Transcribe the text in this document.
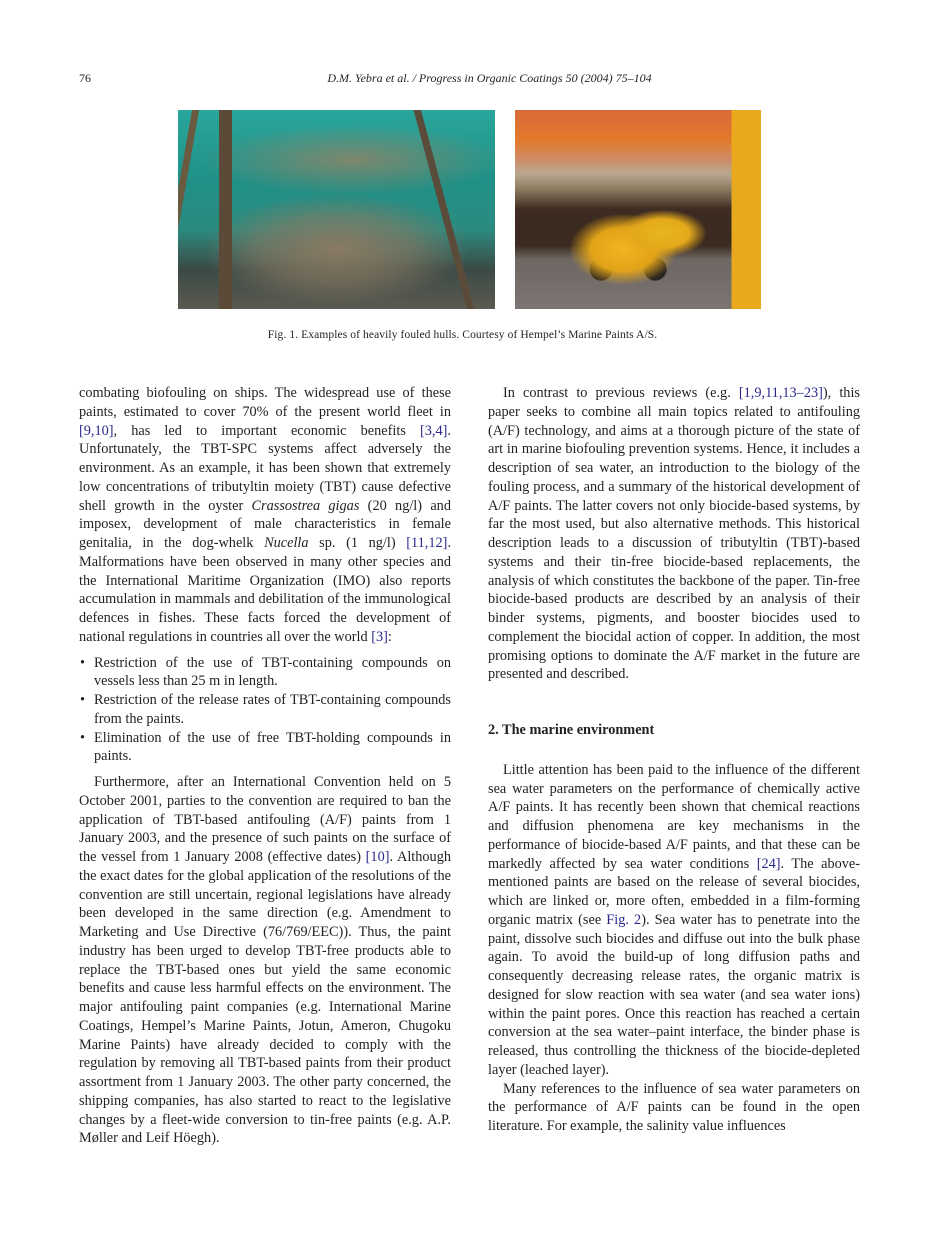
76	D.M. Yebra et al. / Progress in Organic Coatings 50 (2004) 75–104
Fig. 1. Examples of heavily fouled hulls. Courtesy of Hempel’s Marine Paints A/S.

combating biofouling on ships. The widespread use of these paints, estimated to cover 70% of the present world fleet in [9,10], has led to important economic benefits [3,4]. Unfortunately, the TBT-SPC systems affect adversely the environment. As an example, it has been shown that extremely low concentrations of tributyltin moiety (TBT) cause defective shell growth in the oyster Crassostrea gigas (20 ng/l) and imposex, development of male characteristics in female genitalia, in the dog-whelk Nucella sp. (1 ng/l) [11,12]. Malformations have been observed in many other species and the International Maritime Organization (IMO) also reports accumulation in mammals and debilitation of the immunological defences in fishes. These facts forced the development of national regulations in countries all over the world [3]:

• Restriction of the use of TBT-containing compounds on vessels less than 25 m in length.
• Restriction of the release rates of TBT-containing compounds from the paints.
• Elimination of the use of free TBT-holding compounds in paints.

Furthermore, after an International Convention held on 5 October 2001, parties to the convention are required to ban the application of TBT-based antifouling (A/F) paints from 1 January 2003, and the presence of such paints on the surface of the vessel from 1 January 2008 (effective dates) [10]. Although the exact dates for the global application of the resolutions of the convention are still uncertain, regional legislations have already been developed in the same direction (e.g. Amendment to Marketing and Use Directive (76/769/EEC)). Thus, the paint industry has been urged to develop TBT-free products able to replace the TBT-based ones but yield the same economic benefits and cause less harmful effects on the environment. The major antifouling paint companies (e.g. International Marine Coatings, Hempel’s Marine Paints, Jotun, Ameron, Chugoku Marine Paints) have already decided to comply with the regulation by removing all TBT-based paints from their product assortment from 1 January 2003. The other party concerned, the shipping companies, has also started to react to the legislative changes by a fleet-wide conversion to tin-free paints (e.g. A.P. Møller and Leif Höegh).

In contrast to previous reviews (e.g. [1,9,11,13–23]), this paper seeks to combine all main topics related to antifouling (A/F) technology, and aims at a thorough picture of the state of art in marine biofouling prevention systems. Hence, it includes a description of sea water, an introduction to the biology of the fouling process, and a summary of the historical development of A/F paints. The latter covers not only biocide-based systems, by far the most used, but also alternative methods. This historical description leads to a discussion of tributyltin (TBT)-based systems and their tin-free biocide-based replacements, the analysis of which constitutes the backbone of the paper. Tin-free biocide-based products are described by an analysis of their binder systems, pigments, and booster biocides used to complement the biocidal action of copper. In addition, the most promising options to dominate the A/F market in the future are presented and described.

2. The marine environment

Little attention has been paid to the influence of the different sea water parameters on the performance of chemically active A/F paints. It has recently been shown that chemical reactions and diffusion phenomena are key mechanisms in the performance of biocide-based A/F paints, and that these can be markedly affected by sea water conditions [24]. The above-mentioned paints are based on the release of several biocides, which are linked or, more often, embedded in a film-forming organic matrix (see Fig. 2). Sea water has to penetrate into the paint, dissolve such biocides and diffuse out into the bulk phase again. To avoid the build-up of long diffusion paths and consequently decreasing release rates, the organic matrix is designed for slow reaction with sea water (and sea water ions) within the paint pores. Once this reaction has reached a certain conversion at the sea water–paint interface, the binder phase is released, thus controlling the thickness of the biocide-depleted layer (leached layer).

Many references to the influence of sea water parameters on the performance of A/F paints can be found in the open literature. For example, the salinity value influences
